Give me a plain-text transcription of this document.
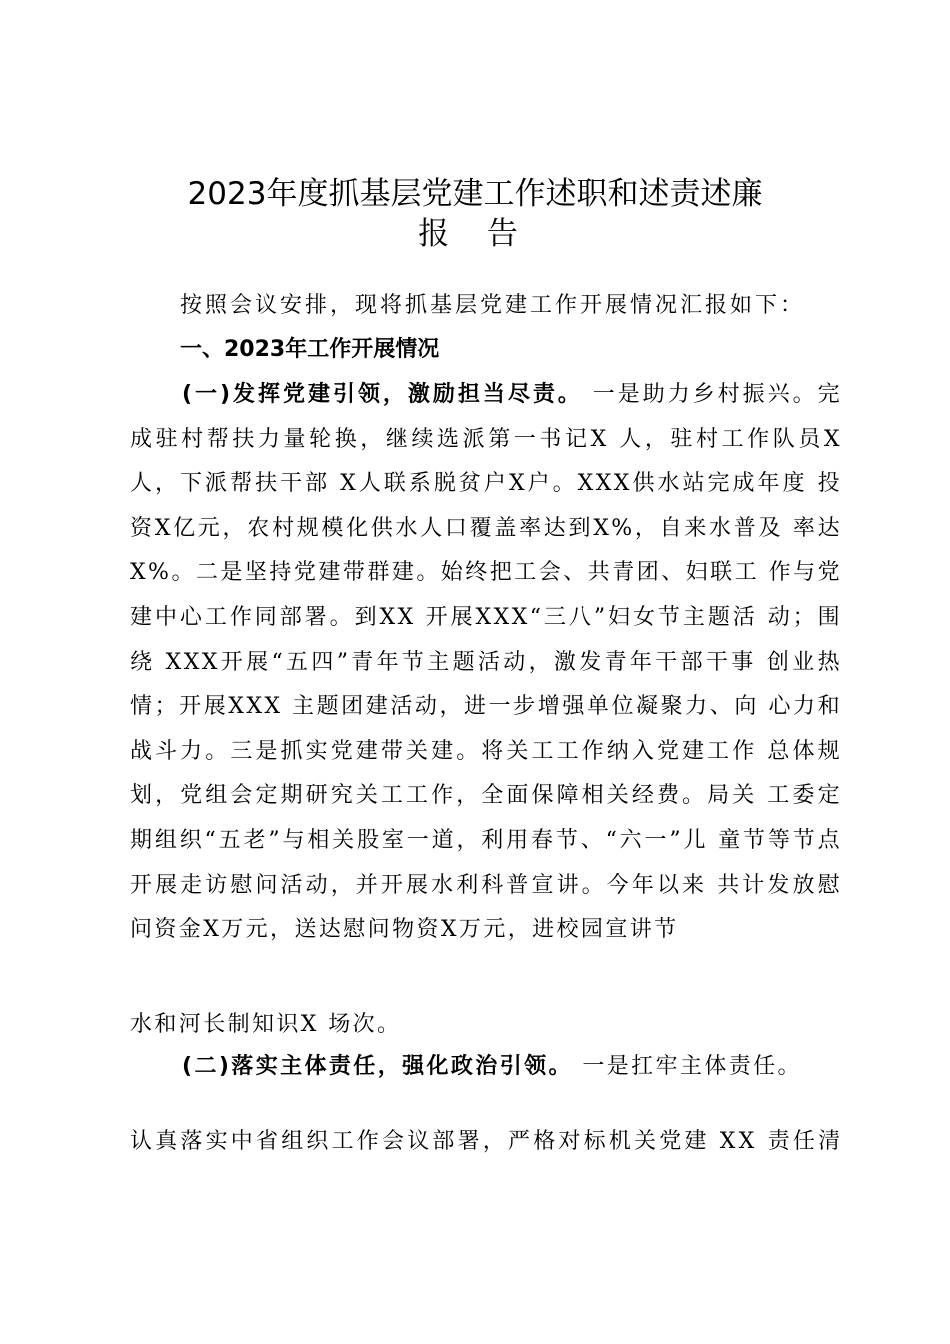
2023年度抓基层党建工作述职和述责述廉
报 告
按照会议安排，现将抓基层党建工作开展情况汇报如下：
一、2023年工作开展情况
(一)发挥党建引领，激励担当尽责。 一是助力乡村振兴。完成驻村帮扶力量轮换，继续选派第一书记X 人，驻村工作队员X人，下派帮扶干部 X人联系脱贫户X户。XXX供水站完成年度 投资X亿元，农村规模化供水人口覆盖率达到X%，自来水普及 率达X%。二是坚持党建带群建。始终把工会、共青团、妇联工 作与党建中心工作同部署。到XX 开展XXX“三八”妇女节主题活 动；围绕 XXX开展“五四”青年节主题活动，激发青年干部干事 创业热情；开展XXX 主题团建活动，进一步增强单位凝聚力、向 心力和战斗力。三是抓实党建带关建。将关工工作纳入党建工作 总体规划，党组会定期研究关工工作，全面保障相关经费。局关 工委定期组织“五老”与相关股室一道，利用春节、“六一”儿 童节等节点开展走访慰问活动，并开展水利科普宣讲。今年以来 共计发放慰问资金X万元，送达慰问物资X万元，进校园宣讲节
水和河长制知识X 场次。
(二)落实主体责任，强化政治引领。 一是扛牢主体责任。
认真落实中省组织工作会议部署，严格对标机关党建 XX 责任清
